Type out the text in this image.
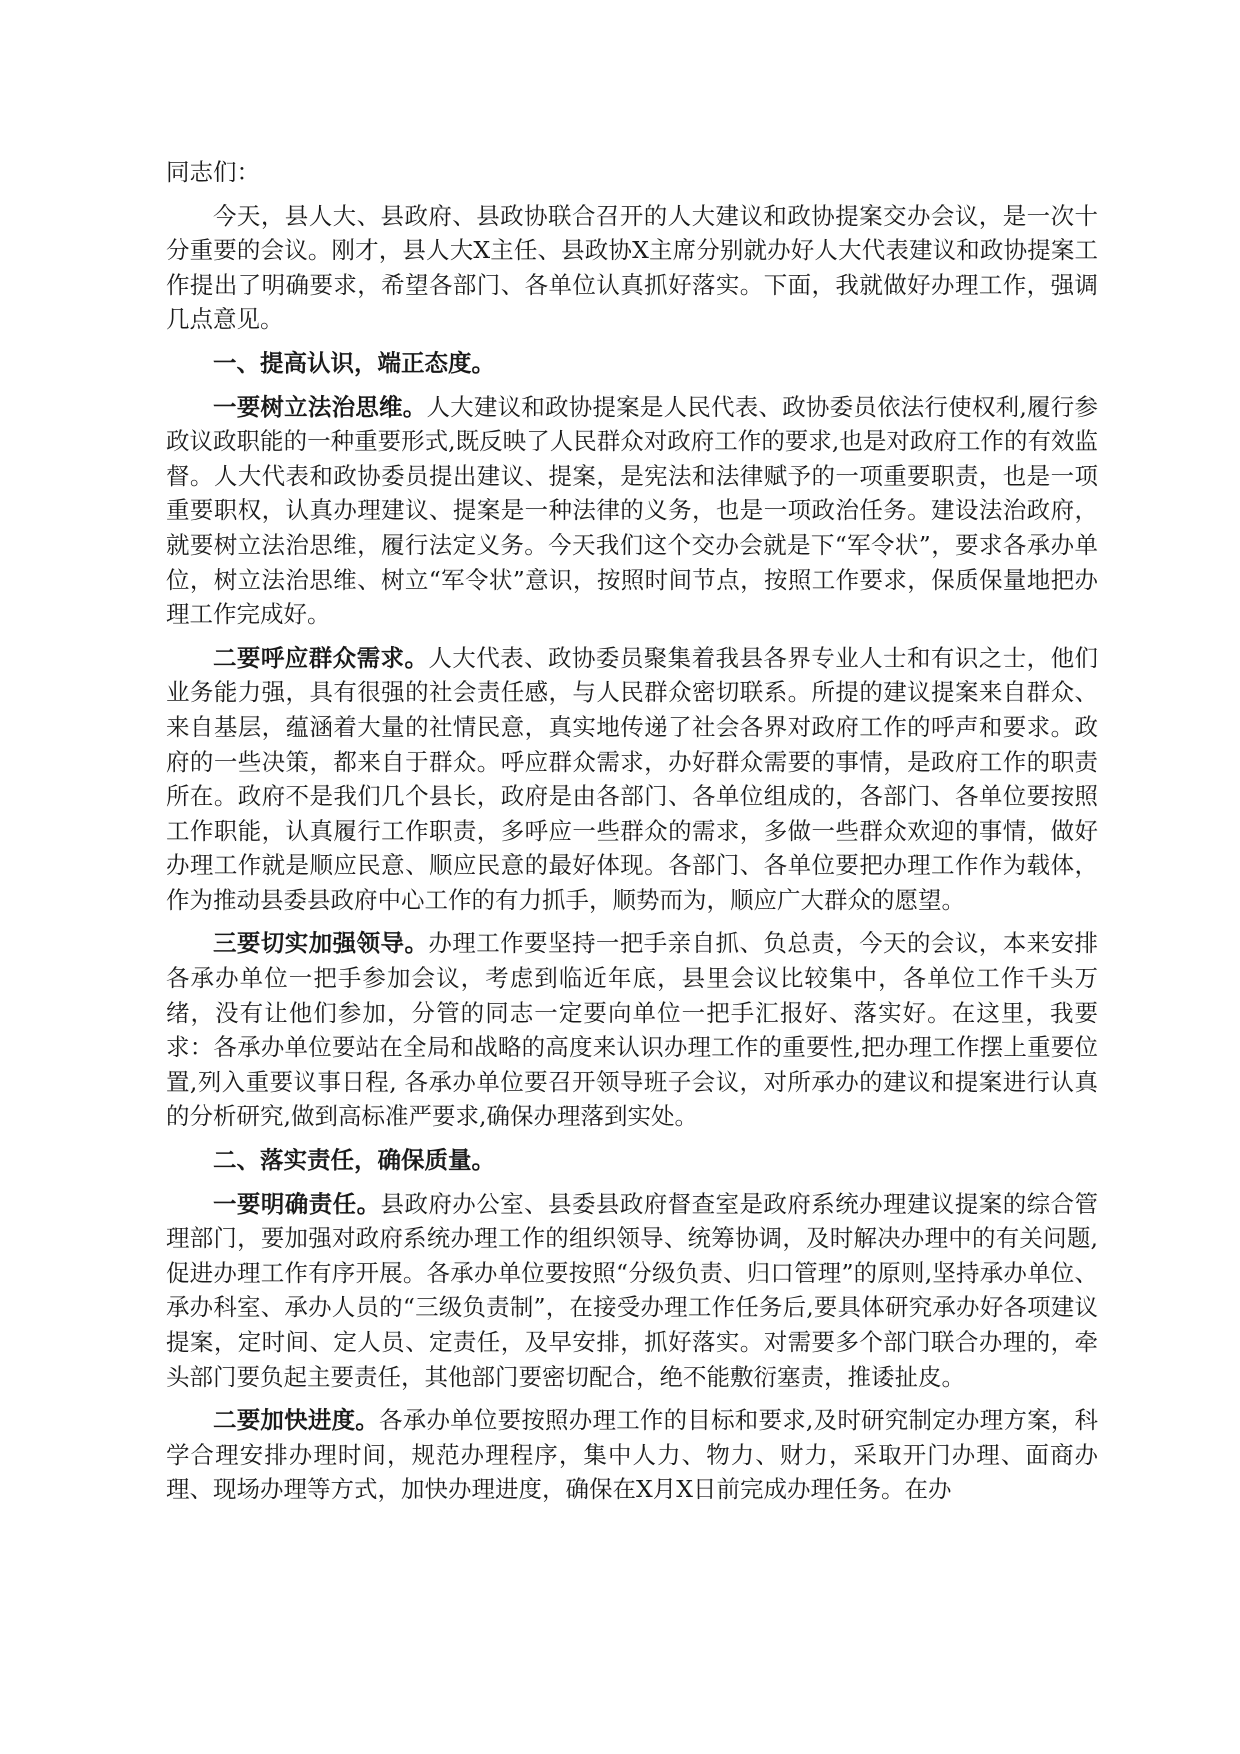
同志们：

今天，县人大、县政府、县政协联合召开的人大建议和政协提案交办会议，是一次十分重要的会议。刚才，县人大X主任、县政协X主席分别就办好人大代表建议和政协提案工作提出了明确要求，希望各部门、各单位认真抓好落实。下面，我就做好办理工作，强调几点意见。

一、提高认识，端正态度。

一要树立法治思维。人大建议和政协提案是人民代表、政协委员依法行使权利,履行参政议政职能的一种重要形式,既反映了人民群众对政府工作的要求,也是对政府工作的有效监督。人大代表和政协委员提出建议、提案，是宪法和法律赋予的一项重要职责，也是一项重要职权，认真办理建议、提案是一种法律的义务，也是一项政治任务。建设法治政府，就要树立法治思维，履行法定义务。今天我们这个交办会就是下“军令状”，要求各承办单位，树立法治思维、树立“军令状”意识，按照时间节点，按照工作要求，保质保量地把办理工作完成好。

二要呼应群众需求。人大代表、政协委员聚集着我县各界专业人士和有识之士，他们业务能力强，具有很强的社会责任感，与人民群众密切联系。所提的建议提案来自群众、来自基层，蕴涵着大量的社情民意，真实地传递了社会各界对政府工作的呼声和要求。政府的一些决策，都来自于群众。呼应群众需求，办好群众需要的事情，是政府工作的职责所在。政府不是我们几个县长，政府是由各部门、各单位组成的，各部门、各单位要按照工作职能，认真履行工作职责，多呼应一些群众的需求，多做一些群众欢迎的事情，做好办理工作就是顺应民意、顺应民意的最好体现。各部门、各单位要把办理工作作为载体，作为推动县委县政府中心工作的有力抓手，顺势而为，顺应广大群众的愿望。

三要切实加强领导。办理工作要坚持一把手亲自抓、负总责，今天的会议，本来安排各承办单位一把手参加会议，考虑到临近年底，县里会议比较集中，各单位工作千头万绪，没有让他们参加，分管的同志一定要向单位一把手汇报好、落实好。在这里，我要求：各承办单位要站在全局和战略的高度来认识办理工作的重要性,把办理工作摆上重要位置,列入重要议事日程, 各承办单位要召开领导班子会议，对所承办的建议和提案进行认真的分析研究,做到高标准严要求,确保办理落到实处。

二、落实责任，确保质量。

一要明确责任。县政府办公室、县委县政府督查室是政府系统办理建议提案的综合管理部门，要加强对政府系统办理工作的组织领导、统筹协调，及时解决办理中的有关问题,促进办理工作有序开展。各承办单位要按照“分级负责、归口管理”的原则,坚持承办单位、承办科室、承办人员的“三级负责制”，在接受办理工作任务后,要具体研究承办好各项建议提案，定时间、定人员、定责任，及早安排，抓好落实。对需要多个部门联合办理的，牵头部门要负起主要责任，其他部门要密切配合，绝不能敷衍塞责，推诿扯皮。

二要加快进度。各承办单位要按照办理工作的目标和要求,及时研究制定办理方案，科学合理安排办理时间，规范办理程序，集中人力、物力、财力，采取开门办理、面商办理、现场办理等方式，加快办理进度，确保在X月X日前完成办理任务。在办
